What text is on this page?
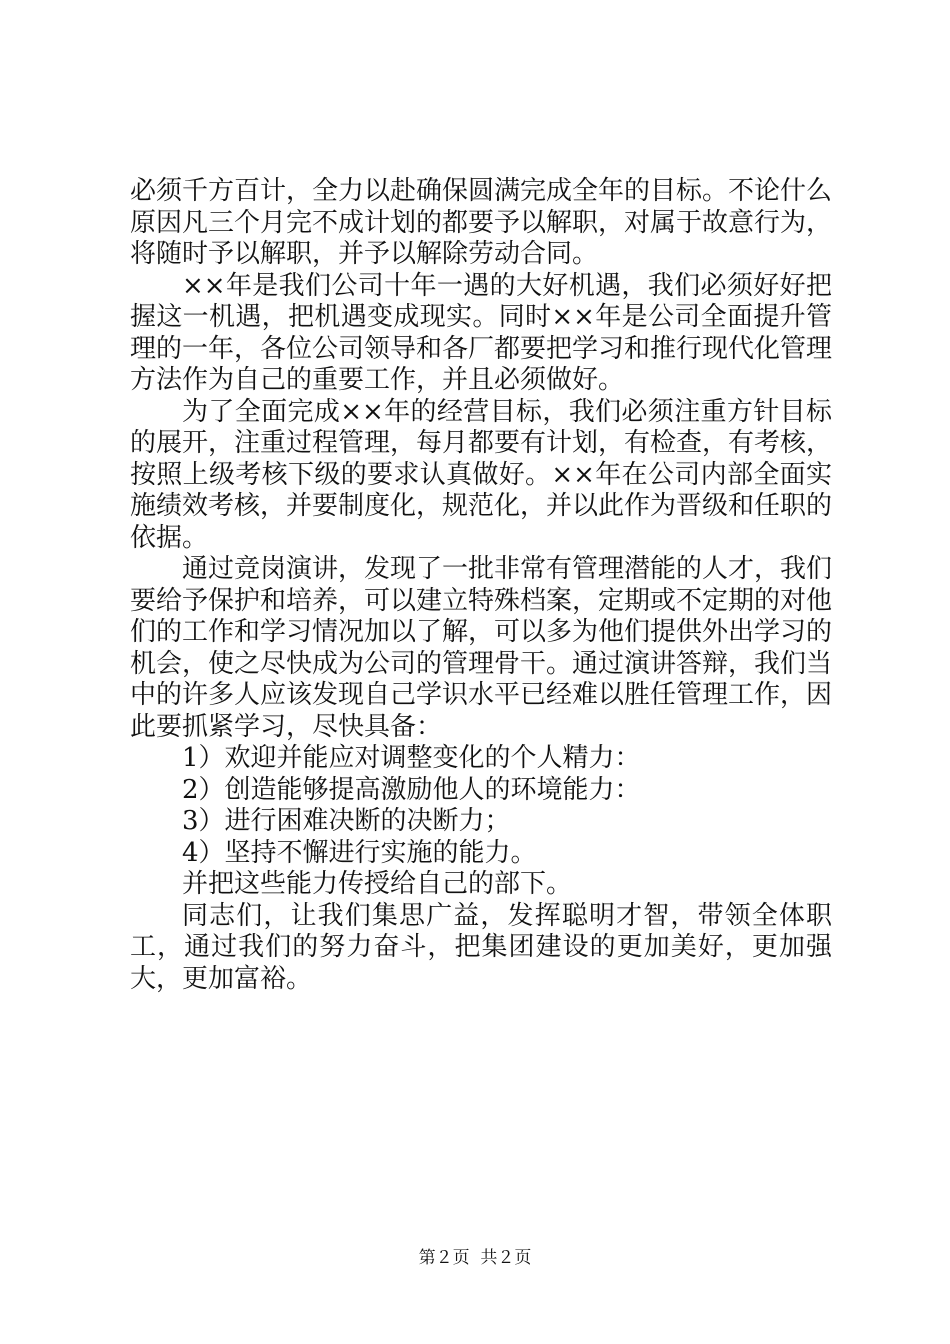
必须千方百计，全力以赴确保圆满完成全年的目标。不论什么原因凡三个月完不成计划的都要予以解职，对属于故意行为，将随时予以解职，并予以解除劳动合同。

××年是我们公司十年一遇的大好机遇，我们必须好好把握这一机遇，把机遇变成现实。同时××年是公司全面提升管理的一年，各位公司领导和各厂都要把学习和推行现代化管理方法作为自己的重要工作，并且必须做好。

为了全面完成××年的经营目标，我们必须注重方针目标的展开，注重过程管理，每月都要有计划，有检查，有考核，按照上级考核下级的要求认真做好。××年在公司内部全面实施绩效考核，并要制度化，规范化，并以此作为晋级和任职的依据。

通过竞岗演讲，发现了一批非常有管理潜能的人才，我们要给予保护和培养，可以建立特殊档案，定期或不定期的对他们的工作和学习情况加以了解，可以多为他们提供外出学习的机会，使之尽快成为公司的管理骨干。通过演讲答辩，我们当中的许多人应该发现自己学识水平已经难以胜任管理工作，因此要抓紧学习，尽快具备：

1）欢迎并能应对调整变化的个人精力：

2）创造能够提高激励他人的环境能力：

3）进行困难决断的决断力；

4）坚持不懈进行实施的能力。

并把这些能力传授给自己的部下。

同志们，让我们集思广益，发挥聪明才智，带领全体职工，通过我们的努力奋斗，把集团建设的更加美好，更加强大，更加富裕。

第２页 共２页
